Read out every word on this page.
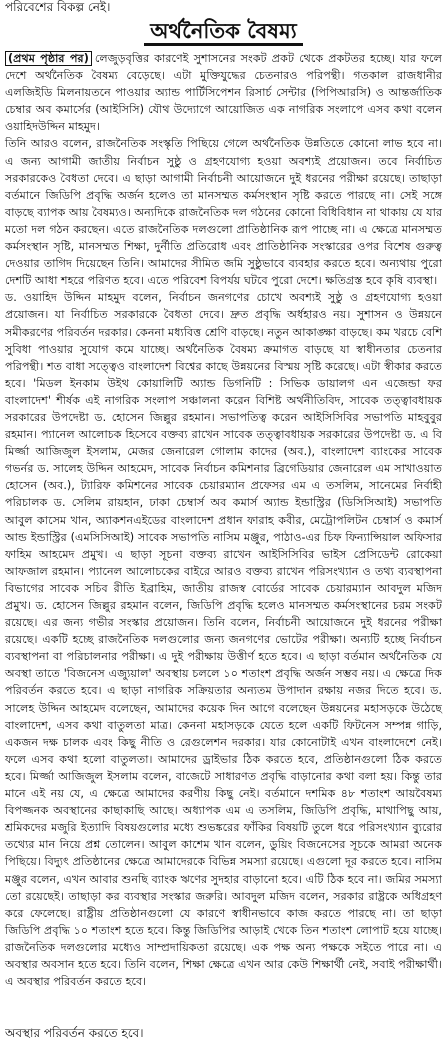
পরিবেশের বিকল্প নেই।
অর্থনৈতিক বৈষম্য

(প্রথম পৃষ্ঠার পর) লেজুড়বৃত্তির কারণেই সুশাসনের সংকট প্রকট থেকে প্রকটতর হচ্ছে। যার ফলে দেশে অর্থনৈতিক বৈষম্য বেড়েছে। এটা মুক্তিযুদ্ধের চেতনারও পরিপন্থী। গতকাল রাজধানীর এলজিইডি মিলনায়তনে পাওয়ার অ্যান্ড পার্টিসিপেশন রিসার্চ সেন্টার (পিপিআরসি) ও আন্তর্জাতিক চেম্বার অব কমার্সের (আইসিসি) যৌথ উদ্যোগে আয়োজিত এক নাগরিক সংলাপে এসব কথা বলেন ওয়াহিদউদ্দিন মাহমুদ।

তিনি আরও বলেন, রাজনৈতিক সংস্কৃতি পিছিয়ে গেলে অর্থনৈতিক উন্নতিতে কোনো লাভ হবে না। এ জন্য আগামী জাতীয় নির্বাচন সুষ্ঠু ও গ্রহণযোগ্য হওয়া অবশ্যই প্রয়োজন। তবে নির্বাচিত সরকারকেও বৈধতা দেবে। এ ছাড়া আগামী নির্বাচনী আয়োজনে দুই ধরনের পরীক্ষা রয়েছে। তাছাড়া বর্তমানে জিডিপি প্রবৃদ্ধি অর্জন হলেও তা মানসম্মত কর্মসংস্থান সৃষ্টি করতে পারছে না। সেই সঙ্গে বাড়ছে ব্যাপক আয় বৈষম্যও। অন্যদিকে রাজনৈতিক দল গঠনের কোনো বিধিবিধান না থাকায় যে যার মতো দল গঠন করছেন। এতে রাজনৈতিক দলগুলো প্রাতিষ্ঠানিক রূপ পাচ্ছে না। এ ক্ষেত্রে মানসম্মত কর্মসংস্থান সৃষ্টি, মানসম্মত শিক্ষা, দুর্নীতি প্রতিরোধ এবং প্রাতিষ্ঠানিক সংস্কারের ওপর বিশেষ গুরুত্ব দেওয়ার তাগিদ দিয়েছেন তিনি। আমাদের সীমিত জমি সুষ্ঠুভাবে ব্যবহার করতে হবে। অন্যথায় পুরো দেশটি আধা শহরে পরিণত হবে। এতে পরিবেশ বিপর্যয় ঘটবে পুরো দেশে। ক্ষতিগ্রস্ত হবে কৃষি ব্যবস্থা।

ড. ওয়াহিদ উদ্দিন মাহমুদ বলেন, নির্বাচন জনগণের চোখে অবশ্যই সুষ্ঠু ও গ্রহণযোগ্য হওয়া প্রয়োজন। যা নির্বাচিত সরকারকে বৈধতা দেবে। দ্রুত প্রবৃদ্ধি অর্ধহারও নয়। সুশাসন ও উন্নয়নে সমীকরণের পরিবর্তন দরকার। কেননা মধ্যবিত্ত শ্রেণি বাড়ছে। নতুন আকাঙ্ক্ষা বাড়ছে। কম খরচে বেশি সুবিধা পাওয়ার সুযোগ কমে যাচ্ছে। অর্থনৈতিক বৈষম্য ক্রমাগত বাড়ছে যা স্বাধীনতার চেতনার পরিপন্থী। শত বাধা সত্ত্বেও বাংলাদেশ বিশ্বের কাছে উন্নয়নের বিস্ময় সৃষ্টি করেছে। এটা স্বীকার করতে হবে। 'মিডল ইনকাম উইথ কোয়ালিটি অ্যান্ড ডিগনিটি : সিভিক ডায়ালগ এন এজেন্ডা ফর বাংলাদেশ' শীর্ষক এই নাগরিক সংলাপ সঞ্চালনা করেন বিশিষ্ট অর্থনীতিবিদ, সাবেক তত্ত্বাবধায়ক সরকারের উপদেষ্টা ড. হোসেন জিল্লুর রহমান। সভাপতিত্ব করেন আইসিসিবির সভাপতি মাহবুবুর রহমান। প্যানেল আলোচক হিসেবে বক্তব্য রাখেন সাবেক তত্ত্বাবধায়ক সরকারের উপদেষ্টা ড. এ বি মির্জ্জা আজিজুল ইসলাম, মেজর জেনারেল গোলাম কাদের (অব.), বাংলাদেশ ব্যাংকের সাবেক গভর্নর ড. সালেহ উদ্দিন আহমেদ, সাবেক নির্বাচন কমিশনার ব্রিগেডিয়ার জেনারেল এম সাখাওয়াত হোসেন (অব.), ট্যারিফ কমিশনের সাবেক চেয়ারম্যান প্রফেসর এম এ তসলিম, সানেমের নির্বাহী পরিচালক ড. সেলিম রায়হান, ঢাকা চেম্বার্স অব কমার্স অ্যান্ড ইন্ডাস্ট্রির (ডিসিসিআই) সভাপতি আবুল কাসেম খান, অ্যাকশনএইডের বাংলাদেশ প্রধান ফারাহ কবীর, মেট্রোপলিটন চেম্বার্স ও কমার্স আন্ড ইন্ডাস্ট্রির (এমসিসিআই) সাবেক সভাপতি নাসিম মঞ্জুর, পাঠাও-এর চিফ ফিন্যান্সিয়াল অফিসার ফাহিম আহমেদ প্রমুখ। এ ছাড়া সূচনা বক্তব্য রাখেন আইসিসিবির ভাইস প্রেসিডেন্ট রোকেয়া আফজাল রহমান। প্যানেল আলোচকের বাইরে আরও বক্তব্য রাখেন পরিসংখ্যান ও তথ্য ব্যবস্থাপনা বিভাগের সাবেক সচিব রীতি ইব্রাহিম, জাতীয় রাজস্ব বোর্ডের সাবেক চেয়ারম্যান আবদুল মজিদ প্রমুখ। ড. হোসেন জিল্লুর রহমান বলেন, জিডিপি প্রবৃদ্ধি হলেও মানসম্মত কর্মসংস্থানের চরম সংকট রয়েছে। এর জন্য গভীর সংস্কার প্রয়োজন। তিনি বলেন, নির্বাচনী আয়োজনে দুই ধরনের পরীক্ষা রয়েছে। একটি হচ্ছে রাজনৈতিক দলগুলোর জন্য জনগণের ভোটের পরীক্ষা। অন্যটি হচ্ছে নির্বাচন ব্যবস্থাপনা বা পরিচালনার পরীক্ষা। এ দুই পরীক্ষায় উত্তীর্ণ হতে হবে। এ ছাড়া বর্তমান অর্থনৈতিক যে অবস্থা তাতে 'বিজনেস এজ্যুয়াল' অবস্থায় চললে ১০ শতাংশ প্রবৃদ্ধি অর্জন সম্ভব নয়। এ ক্ষেত্রে দিক পরিবর্তন করতে হবে। এ ছাড়া নাগরিক সক্রিয়তার অন্যতম উপাদান রক্ষায় নজর দিতে হবে। ড. সালেহ উদ্দিন আহমেদ বলেছেন, আমাদের কয়েক দিন আগে বলেছেন উন্নয়নের মহাসড়কে উঠেছে বাংলাদেশ, এসব কথা বাতুলতা মাত্র। কেননা মহাসড়কে যেতে হলে একটি ফিটনেস সম্পন্ন গাড়ি, একজন দক্ষ চালক এবং কিছু নীতি ও রেগুলেশন দরকার। যার কোনোটাই এখন বাংলাদেশে নেই। ফলে এসব কথা হলো বাতুলতা। আমাদের ড্রাইভার ঠিক করতে হবে, প্রতিষ্ঠানগুলো ঠিক করতে হবে। মির্জ্জা আজিজুল ইসলাম বলেন, বাজেটে সাধারণত প্রবৃদ্ধি বাড়ানোর কথা বলা হয়। কিন্তু তার মানে এই নয় যে, এ ক্ষেত্রে আমাদের করণীয় কিছু নেই। বর্তমানে দশমিক ৪৮ শতাংশ আয়বৈষম্য বিপজ্জনক অবস্থানের কাছাকাছি আছে। অধ্যাপক এম এ তসলিম, জিডিপি প্রবৃদ্ধি, মাথাপিছু আয়, শ্রমিকদের মজুরি ইত্যাদি বিষয়গুলোর মধ্যে শুভঙ্করের ফাঁকির বিষয়টি তুলে ধরে পরিসংখ্যান ব্যুরোর তথ্যের মান নিয়ে প্রশ্ন তোলেন। আবুল কাশেম খান বলেন, ডুয়িং বিজনেসের সূচকে আমরা অনেক পিছিয়ে। বিদ্যুৎ প্রতিষ্ঠানের ক্ষেত্রে আমাদেরকে বিভিন্ন সমস্যা রয়েছে। এগুলো দূর করতে হবে। নাসিম মঞ্জুর বলেন, এখন আবার শুনছি ব্যাংক ঋণের সুদহার বাড়ানো হবে। এটি ঠিক হবে না। জমির সমস্যা তো রয়েছেই। তাছাড়া কর ব্যবস্থার সংস্কার জরুরি। আবদুল মজিদ বলেন, সরকার রাষ্ট্রকে অধিগ্রহণ করে ফেলেছে। রাষ্ট্রীয় প্রতিষ্ঠানগুলো যে কারণে স্বাধীনভাবে কাজ করতে পারছে না। তা ছাড়া জিডিপি প্রবৃদ্ধি ১০ শতাংশ হতে হবে। কিন্তু জিডিপির আড়াই খেকে তিন শতাংশ লোপাট হয়ে যাচ্ছে। রাজনৈতিক দলগুলোর মধ্যেও সাম্প্রদায়িকতা রয়েছে। এক পক্ষ অন্য পক্ষকে সইতে পারে না। এ অবস্থার অবসান হতে হবে। তিনি বলেন, শিক্ষা ক্ষেত্রে এখন আর কেউ শিক্ষার্থী নেই, সবাই পরীক্ষার্থী। এ অবস্থার পরিবর্তন করতে হবে।

অবস্থার পরিবর্তন করতে হবে।
